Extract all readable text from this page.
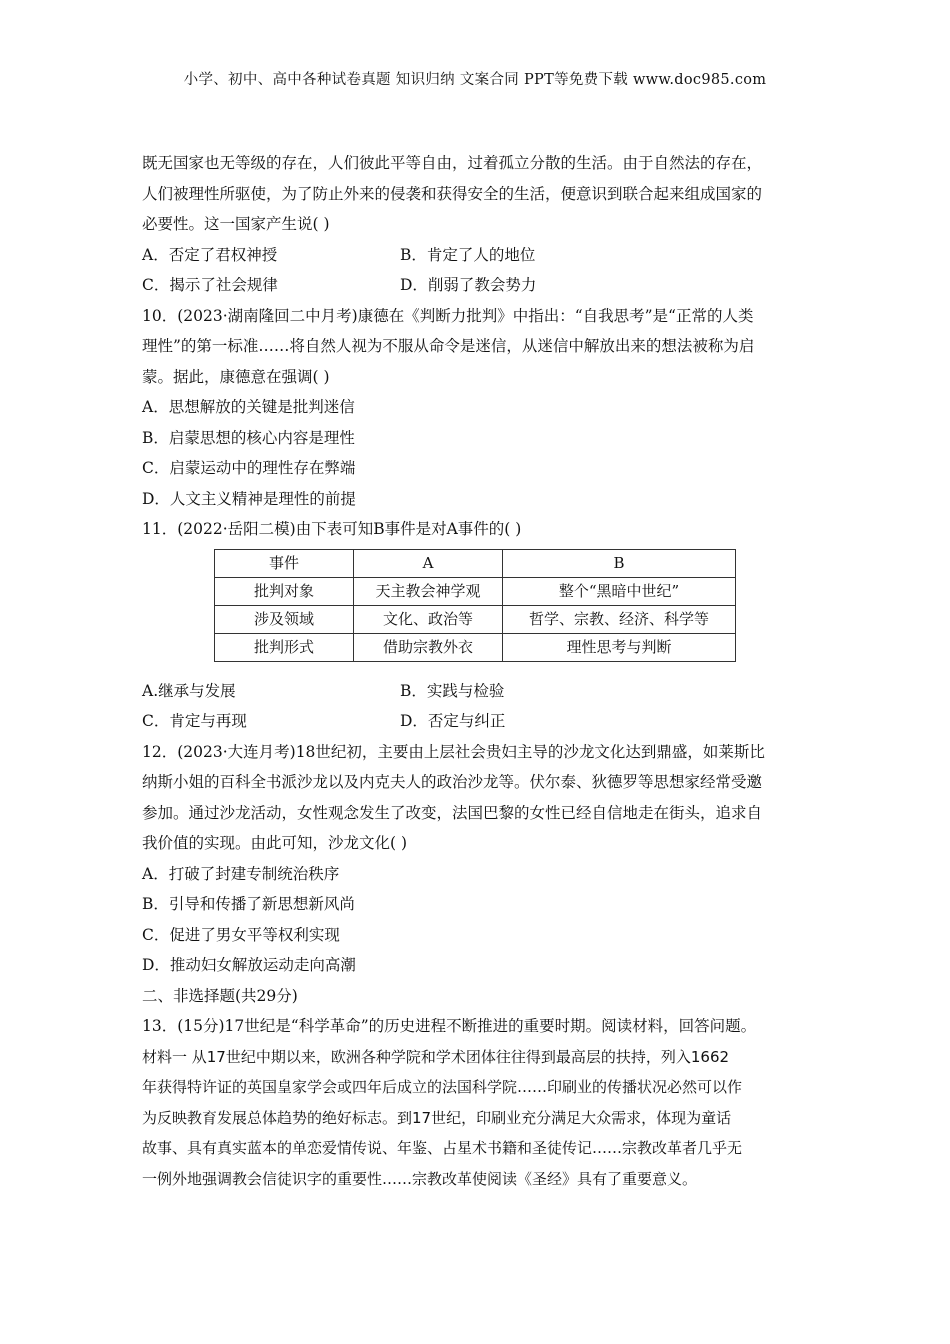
小学、初中、高中各种试卷真题 知识归纳 文案合同 PPT等免费下载 www.doc985.com
既无国家也无等级的存在，人们彼此平等自由，过着孤立分散的生活。由于自然法的存在，
人们被理性所驱使，为了防止外来的侵袭和获得安全的生活，便意识到联合起来组成国家的
必要性。这一国家产生说( )
A．否定了君权神授	B．肯定了人的地位
C．揭示了社会规律	D．削弱了教会势力
10．(2023·湖南隆回二中月考)康德在《判断力批判》中指出：“自我思考”是“正常的人类
理性”的第一标准……将自然人视为不服从命令是迷信，从迷信中解放出来的想法被称为启
蒙。据此，康德意在强调( )
A．思想解放的关键是批判迷信
B．启蒙思想的核心内容是理性
C．启蒙运动中的理性存在弊端
D．人文主义精神是理性的前提
11．(2022·岳阳二模)由下表可知B事件是对A事件的( )
事件	A	B
批判对象	天主教会神学观	整个“黑暗中世纪”
涉及领域	文化、政治等	哲学、宗教、经济、科学等
批判形式	借助宗教外衣	理性思考与判断
A.继承与发展	B．实践与检验
C．肯定与再现	D．否定与纠正
12．(2023·大连月考)18世纪初，主要由上层社会贵妇主导的沙龙文化达到鼎盛，如莱斯比
纳斯小姐的百科全书派沙龙以及内克夫人的政治沙龙等。伏尔泰、狄德罗等思想家经常受邀
参加。通过沙龙活动，女性观念发生了改变，法国巴黎的女性已经自信地走在街头，追求自
我价值的实现。由此可知，沙龙文化( )
A．打破了封建专制统治秩序
B．引导和传播了新思想新风尚
C．促进了男女平等权利实现
D．推动妇女解放运动走向高潮
二、非选择题(共29分)
13．(15分)17世纪是“科学革命”的历史进程不断推进的重要时期。阅读材料，回答问题。
材料一 从17世纪中期以来，欧洲各种学院和学术团体往往得到最高层的扶持，列入1662
年获得特许证的英国皇家学会或四年后成立的法国科学院……印刷业的传播状况必然可以作
为反映教育发展总体趋势的绝好标志。到17世纪，印刷业充分满足大众需求，体现为童话
故事、具有真实蓝本的单恋爱情传说、年鉴、占星术书籍和圣徒传记……宗教改革者几乎无
一例外地强调教会信徒识字的重要性……宗教改革使阅读《圣经》具有了重要意义。
